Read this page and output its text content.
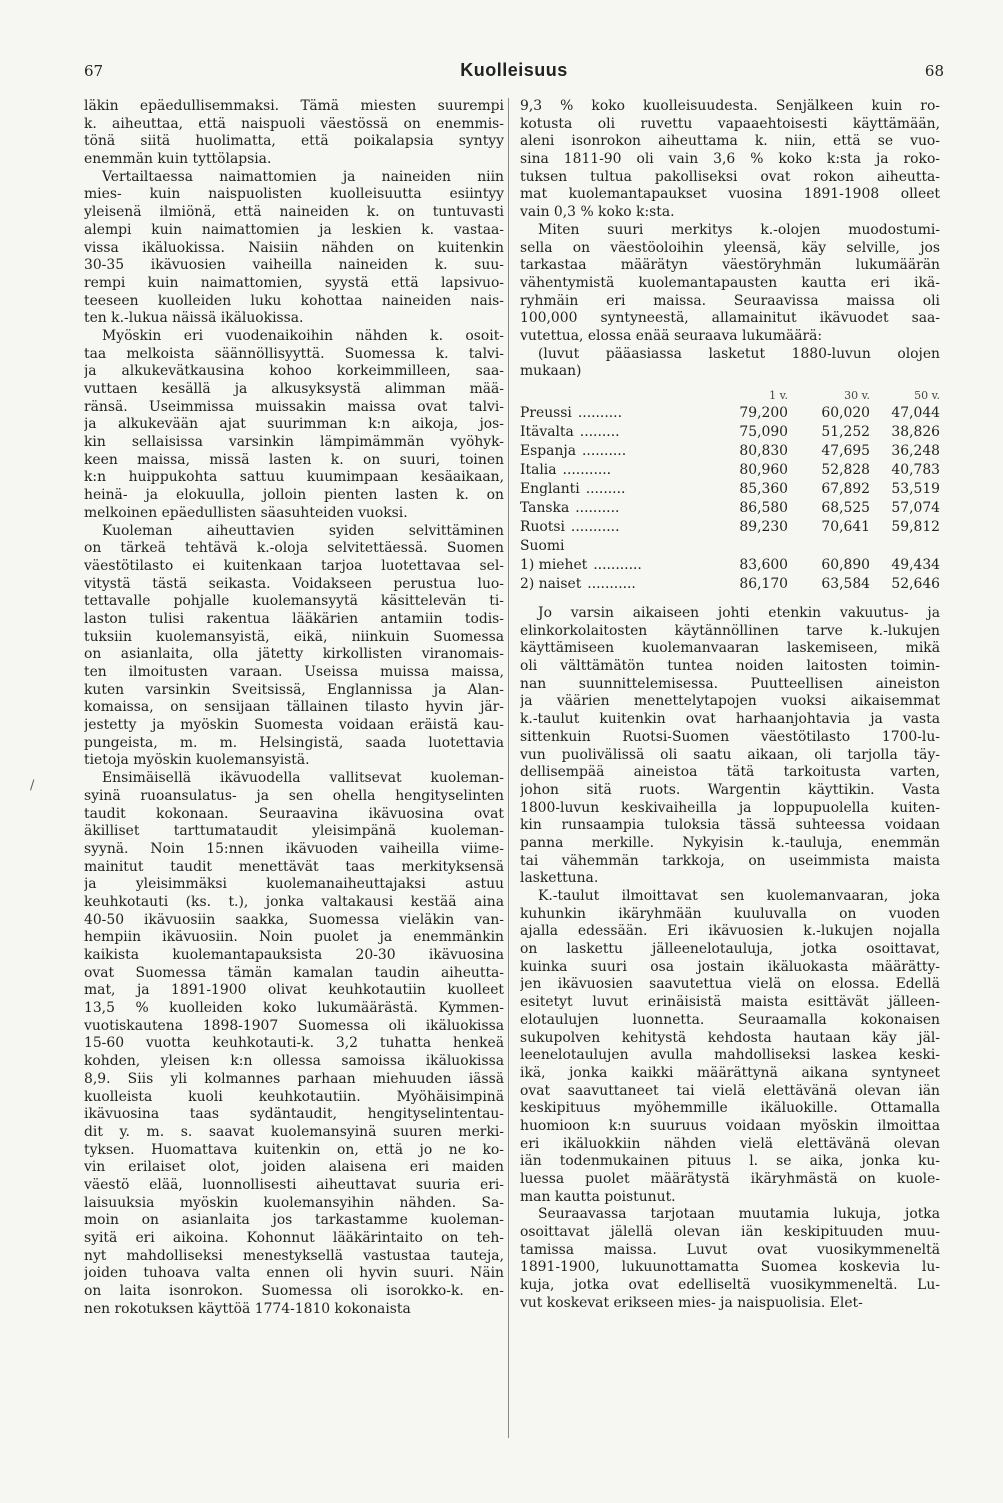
67	Kuolleisuus	68
/
läkin epäedullisemmaksi. Tämä miesten suurempi
k. aiheuttaa, että naispuoli väestössä on enemmis-
tönä siitä huolimatta, että poikalapsia syntyy
enemmän kuin tyttölapsia.
Vertailtaessa naimattomien ja naineiden niin
mies- kuin naispuolisten kuolleisuutta esiintyy
yleisenä ilmiönä, että naineiden k. on tuntuvasti
alempi kuin naimattomien ja leskien k. vastaa-
vissa ikäluokissa. Naisiin nähden on kuitenkin
30-35 ikävuosien vaiheilla naineiden k. suu-
rempi kuin naimattomien, syystä että lapsivuo-
teeseen kuolleiden luku kohottaa naineiden nais-
ten k.-lukua näissä ikäluokissa.
Myöskin eri vuodenaikoihin nähden k. osoit-
taa melkoista säännöllisyyttä. Suomessa k. talvi-
ja alkukevätkausina kohoo korkeimmilleen, saa-
vuttaen kesällä ja alkusyksystä alimman mää-
ränsä. Useimmissa muissakin maissa ovat talvi-
ja alkukevään ajat suurimman k:n aikoja, jos-
kin sellaisissa varsinkin lämpimämmän vyöhyk-
keen maissa, missä lasten k. on suuri, toinen
k:n huippukohta sattuu kuumimpaan kesäaikaan,
heinä- ja elokuulla, jolloin pienten lasten k. on
melkoinen epäedullisten säasuhteiden vuoksi.
Kuoleman aiheuttavien syiden selvittäminen
on tärkeä tehtävä k.-oloja selvitettäessä. Suomen
väestötilasto ei kuitenkaan tarjoa luotettavaa sel-
vitystä tästä seikasta. Voidakseen perustua luo-
tettavalle pohjalle kuolemansyytä käsittelevän ti-
laston tulisi rakentua lääkärien antamiin todis-
tuksiin kuolemansyistä, eikä, niinkuin Suomessa
on asianlaita, olla jätetty kirkollisten viranomais-
ten ilmoitusten varaan. Useissa muissa maissa,
kuten varsinkin Sveitsissä, Englannissa ja Alan-
komaissa, on sensijaan tällainen tilasto hyvin jär-
jestetty ja myöskin Suomesta voidaan eräistä kau-
pungeista, m. m. Helsingistä, saada luotettavia
tietoja myöskin kuolemansyistä.
Ensimäisellä ikävuodella vallitsevat kuoleman-
syinä ruoansulatus- ja sen ohella hengityselinten
taudit kokonaan. Seuraavina ikävuosina ovat
äkilliset tarttumataudit yleisimpänä kuoleman-
syynä. Noin 15:nnen ikävuoden vaiheilla viime-
mainitut taudit menettävät taas merkityksensä
ja yleisimmäksi kuolemanaiheuttajaksi astuu
keuhkotauti (ks. t.), jonka valtakausi kestää aina
40-50 ikävuosiin saakka, Suomessa vieläkin van-
hempiin ikävuosiin. Noin puolet ja enemmänkin
kaikista kuolemantapauksista 20-30 ikävuosina
ovat Suomessa tämän kamalan taudin aiheutta-
mat, ja 1891-1900 olivat keuhkotautiin kuolleet
13,5 % kuolleiden koko lukumäärästä. Kymmen-
vuotiskautena 1898-1907 Suomessa oli ikäluokissa
15-60 vuotta keuhkotauti-k. 3,2 tuhatta henkeä
kohden, yleisen k:n ollessa samoissa ikäluokissa
8,9. Siis yli kolmannes parhaan miehuuden iässä
kuolleista kuoli keuhkotautiin. Myöhäisimpinä
ikävuosina taas sydäntaudit, hengityselintentau-
dit y. m. s. saavat kuolemansyinä suuren merki-
tyksen. Huomattava kuitenkin on, että jo ne ko-
vin erilaiset olot, joiden alaisena eri maiden
väestö elää, luonnollisesti aiheuttavat suuria eri-
laisuuksia myöskin kuolemansyihin nähden. Sa-
moin on asianlaita jos tarkastamme kuoleman-
syitä eri aikoina. Kohonnut lääkärintaito on teh-
nyt mahdolliseksi menestyksellä vastustaa tauteja,
joiden tuhoava valta ennen oli hyvin suuri. Näin
on laita isonrokon. Suomessa oli isorokko-k. en-
nen rokotuksen käyttöä 1774-1810 kokonaista
9,3 % koko kuolleisuudesta. Senjälkeen kuin ro-
kotusta oli ruvettu vapaaehtoisesti käyttämään,
aleni isonrokon aiheuttama k. niin, että se vuo-
sina 1811-90 oli vain 3,6 % koko k:sta ja roko-
tuksen tultua pakolliseksi ovat rokon aiheutta-
mat kuolemantapaukset vuosina 1891-1908 olleet
vain 0,3 % koko k:sta.
Miten suuri merkitys k.-olojen muodostumi-
sella on väestöoloihin yleensä, käy selville, jos
tarkastaa määrätyn väestöryhmän lukumäärän
vähentymistä kuolemantapausten kautta eri ikä-
ryhmäin eri maissa. Seuraavissa maissa oli
100,000 syntyneestä, allamainitut ikävuodet saa-
vutettua, elossa enää seuraava lukumäärä:
(luvut pääasiassa lasketut 1880-luvun olojen
mukaan)
1 v.	30 v.	50 v.
Preussi ..........	79,200	60,020	47,044
Itävalta .........	75,090	51,252	38,826
Espanja ..........	80,830	47,695	36,248
Italia ...........	80,960	52,828	40,783
Englanti .........	85,360	67,892	53,519
Tanska ..........	86,580	68,525	57,074
Ruotsi ...........	89,230	70,641	59,812
Suomi
1) miehet ...........	83,600	60,890	49,434
2) naiset ...........	86,170	63,584	52,646
Jo varsin aikaiseen johti etenkin vakuutus- ja
elinkorkolaitosten käytännöllinen tarve k.-lukujen
käyttämiseen kuolemanvaaran laskemiseen, mikä
oli välttämätön tuntea noiden laitosten toimin-
nan suunnittelemisessa. Puutteellisen aineiston
ja väärien menettelytapojen vuoksi aikaisemmat
k.-taulut kuitenkin ovat harhaanjohtavia ja vasta
sittenkuin Ruotsi-Suomen väestötilasto 1700-lu-
vun puolivälissä oli saatu aikaan, oli tarjolla täy-
dellisempää aineistoa tätä tarkoitusta varten,
johon sitä ruots. Wargentin käyttikin. Vasta
1800-luvun keskivaiheilla ja loppupuolella kuiten-
kin runsaampia tuloksia tässä suhteessa voidaan
panna merkille. Nykyisin k.-tauluja, enemmän
tai vähemmän tarkkoja, on useimmista maista
laskettuna.
K.-taulut ilmoittavat sen kuolemanvaaran, joka
kuhunkin ikäryhmään kuuluvalla on vuoden
ajalla edessään. Eri ikävuosien k.-lukujen nojalla
on laskettu jälleenelotauluja, jotka osoittavat,
kuinka suuri osa jostain ikäluokasta määrätty-
jen ikävuosien saavutettua vielä on elossa. Edellä
esitetyt luvut erinäisistä maista esittävät jälleen-
elotaulujen luonnetta. Seuraamalla kokonaisen
sukupolven kehitystä kehdosta hautaan käy jäl-
leenelotaulujen avulla mahdolliseksi laskea keski-
ikä, jonka kaikki määrättynä aikana syntyneet
ovat saavuttaneet tai vielä elettävänä olevan iän
keskipituus myöhemmille ikäluokille. Ottamalla
huomioon k:n suuruus voidaan myöskin ilmoittaa
eri ikäluokkiin nähden vielä elettävänä olevan
iän todenmukainen pituus l. se aika, jonka ku-
luessa puolet määrätystä ikäryhmästä on kuole-
man kautta poistunut.
Seuraavassa tarjotaan muutamia lukuja, jotka
osoittavat jälellä olevan iän keskipituuden muu-
tamissa maissa. Luvut ovat vuosikymmeneltä
1891-1900, lukuunottamatta Suomea koskevia lu-
kuja, jotka ovat edelliseltä vuosikymmeneltä. Lu-
vut koskevat erikseen mies- ja naispuolisia. Elet-
